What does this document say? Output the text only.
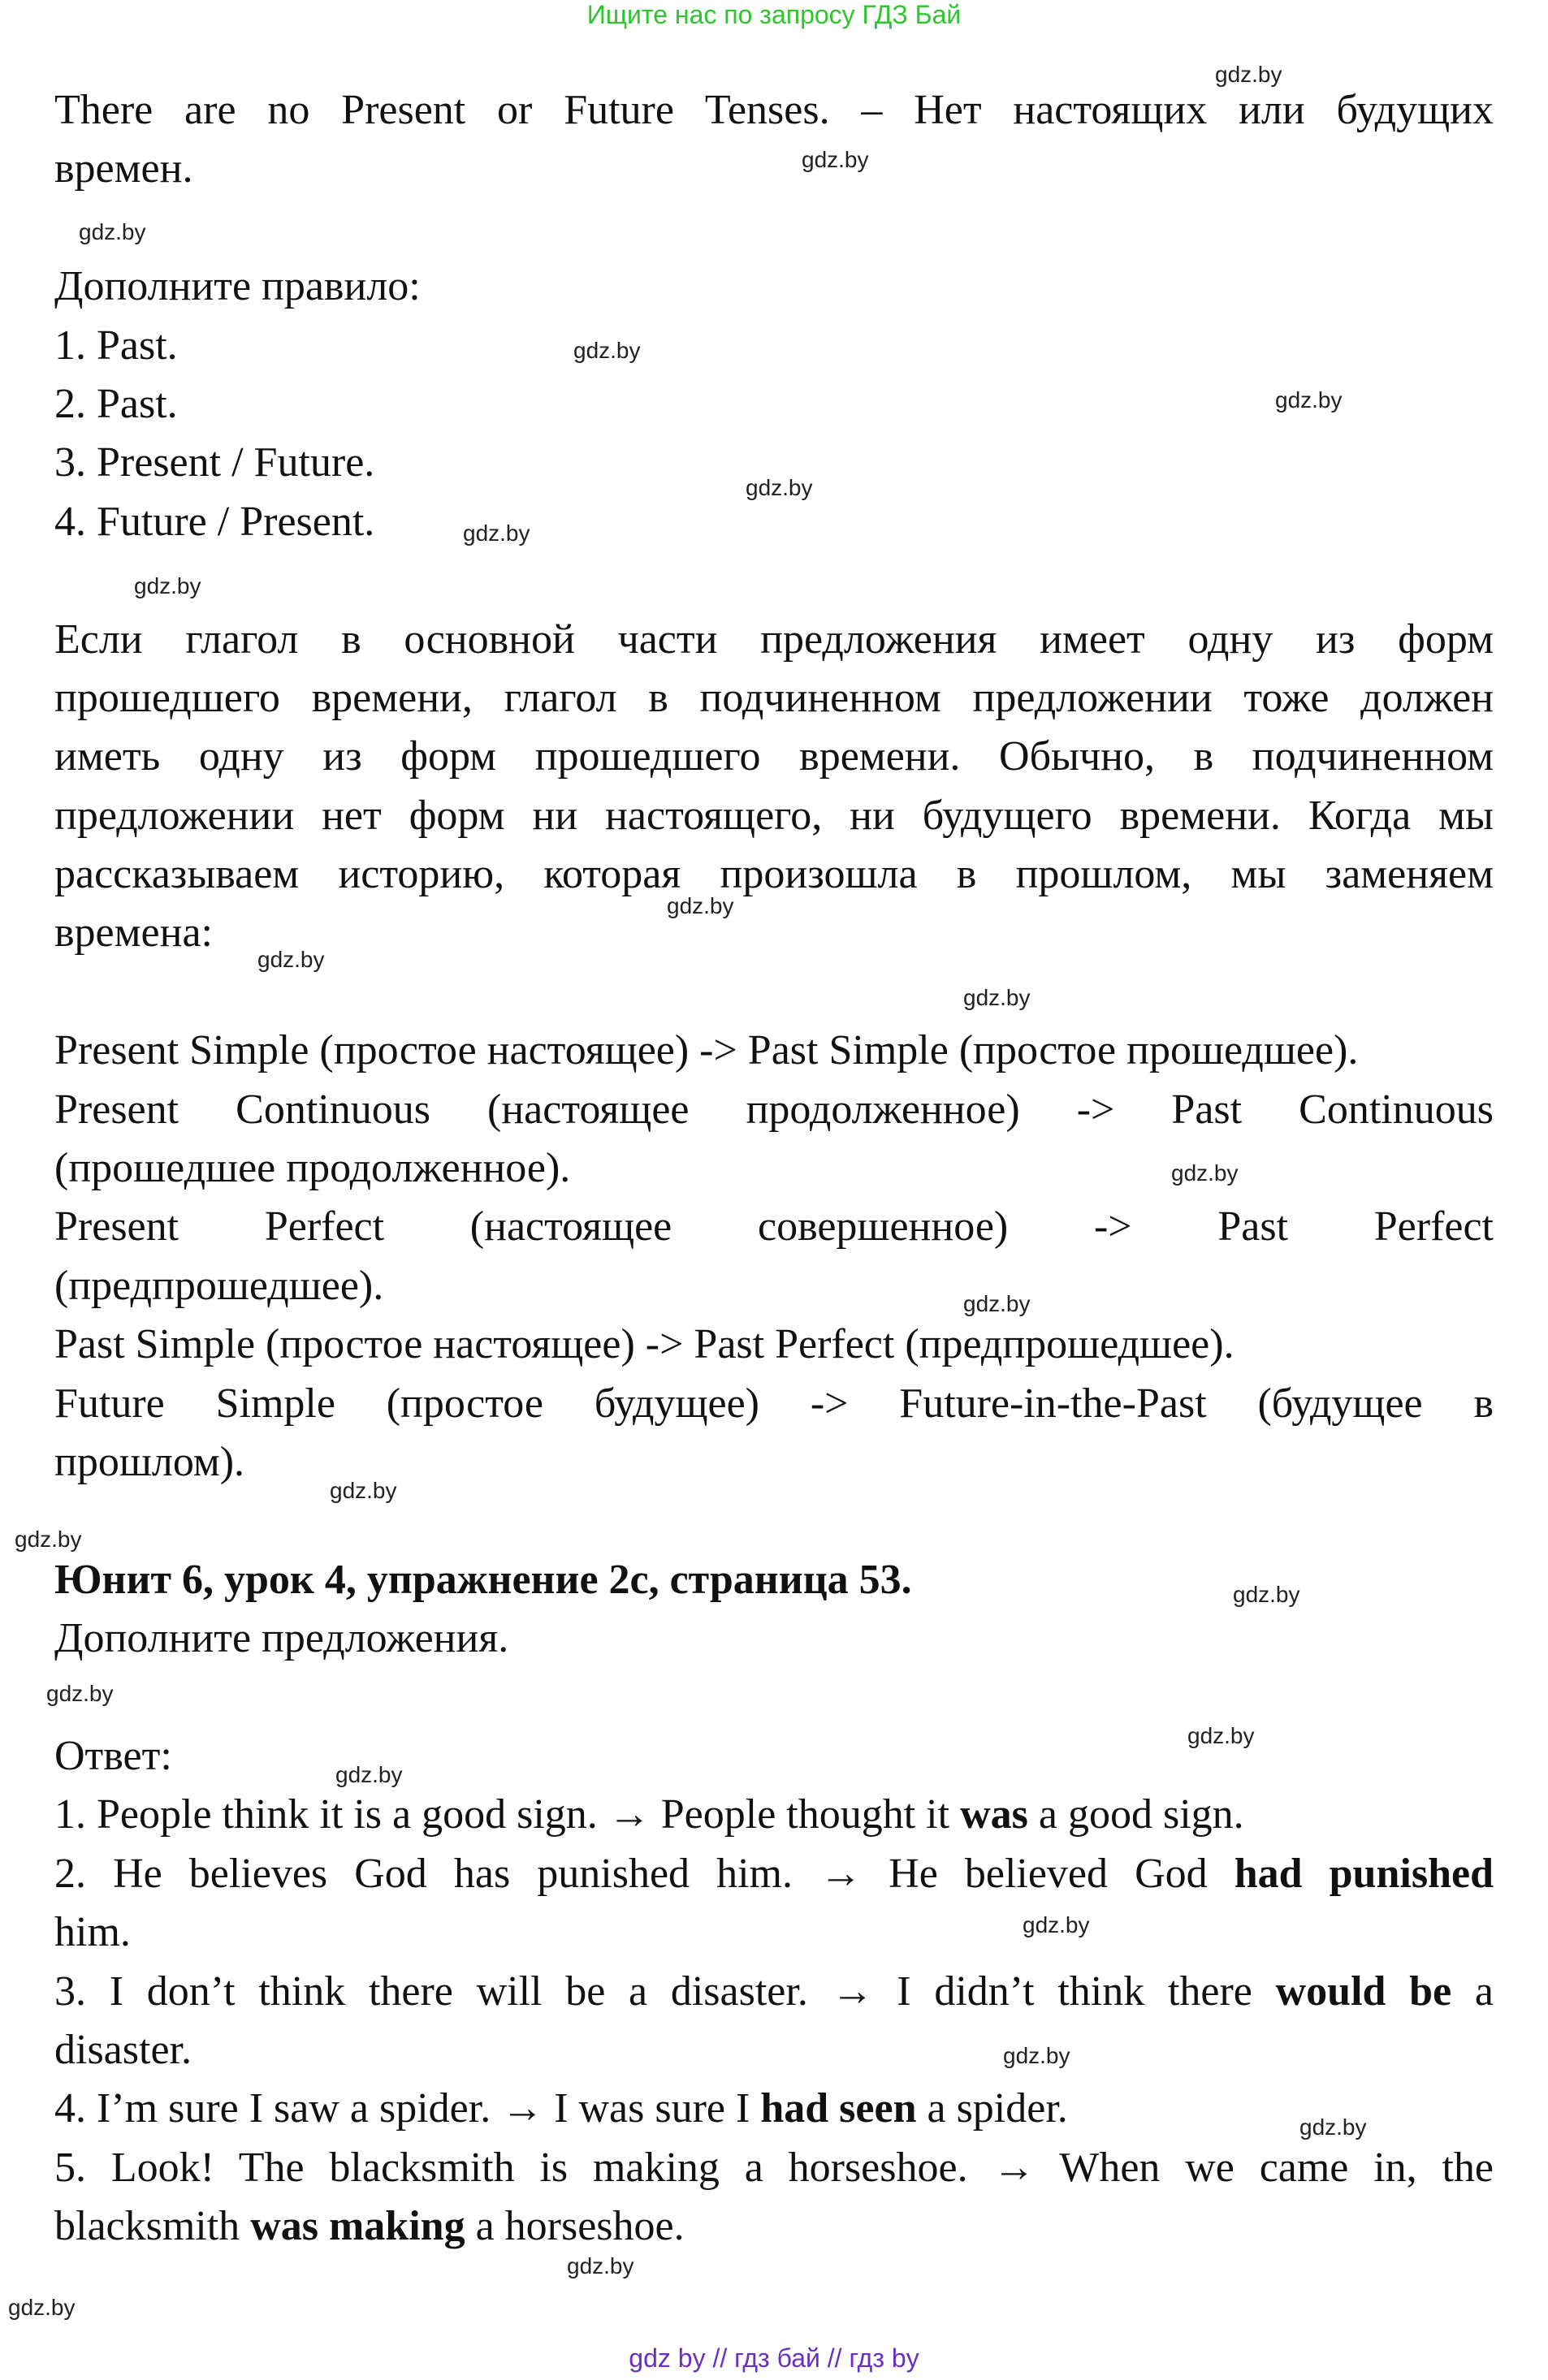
Ищите нас по запросу ГДЗ Бай
There are no Present or Future Tenses. – Нет настоящих или будущих
времен.
Дополните правило:
1. Past.
2. Past.
3. Present / Future.
4. Future / Present.
Если глагол в основной части предложения имеет одну из форм
прошедшего времени, глагол в подчиненном предложении тоже должен
иметь одну из форм прошедшего времени. Обычно, в подчиненном
предложении нет форм ни настоящего, ни будущего времени. Когда мы
рассказываем историю, которая произошла в прошлом, мы заменяем
времена:
Present Simple (простое настоящее) -> Past Simple (простое прошедшее).
Present Continuous (настоящее продолженное) -> Past Continuous
(прошедшее продолженное).
Present Perfect (настоящее совершенное) -> Past Perfect
(предпрошедшее).
Past Simple (простое настоящее) -> Past Perfect (предпрошедшее).
Future Simple (простое будущее) -> Future-in-the-Past (будущее в
прошлом).
Юнит 6, урок 4, упражнение 2с, страница 53.
Дополните предложения.
Ответ:
1. People think it is a good sign. → People thought it was a good sign.
2. He believes God has punished him. → He believed God had punished
him.
3. I don’t think there will be a disaster. → I didn’t think there would be a
disaster.
4. I’m sure I saw a spider. → I was sure I had seen a spider.
5. Look! The blacksmith is making a horseshoe. → When we came in, the
blacksmith was making a horseshoe.
gdz.by
gdz.by
gdz.by
gdz.by
gdz.by
gdz.by
gdz.by
gdz.by
gdz.by
gdz.by
gdz.by
gdz.by
gdz.by
gdz.by
gdz.by
gdz.by
gdz.by
gdz.by
gdz.by
gdz.by
gdz.by
gdz.by
gdz.by
gdz.by
gdz by // гдз бай // гдз by
